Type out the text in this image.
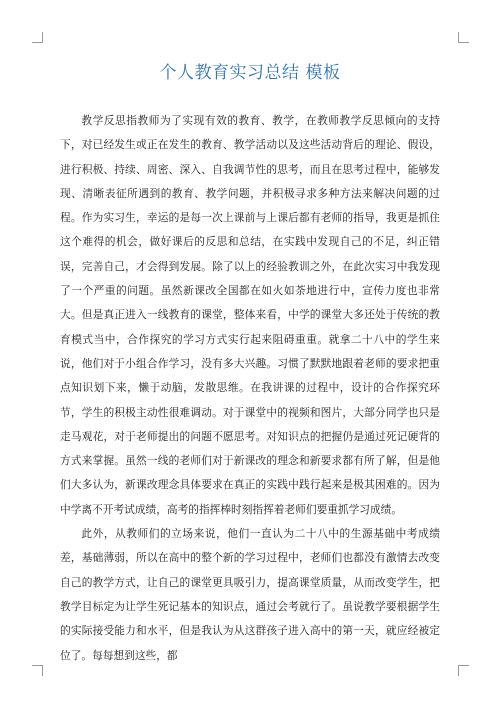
个人教育实习总结 模板

教学反思指教师为了实现有效的教育、教学，在教师教学反思倾向的支持下，对已经发生或正在发生的教育、教学活动以及这些活动背后的理论、假设，进行积极、持续、周密、深入、自我调节性的思考，而且在思考过程中，能够发现、清晰表征所遇到的教育、教学问题，并积极寻求多种方法来解决问题的过程。作为实习生，幸运的是每一次上课前与上课后都有老师的指导，我更是抓住这个难得的机会，做好课后的反思和总结，在实践中发现自己的不足，纠正错误，完善自己，才会得到发展。除了以上的经验教训之外，在此次实习中我发现了一个严重的问题。虽然新课改全国都在如火如荼地进行中，宣传力度也非常大。但是真正进入一线教育的课堂，整体来看，中学的课堂大多还处于传统的教育模式当中，合作探究的学习方式实行起来阻碍重重。就拿二十八中的学生来说，他们对于小组合作学习，没有多大兴趣。习惯了默默地跟着老师的要求把重点知识划下来，懒于动脑，发散思维。在我讲课的过程中，设计的合作探究环节，学生的积极主动性很难调动。对于课堂中的视频和图片，大部分同学也只是走马观花，对于老师提出的问题不愿思考。对知识点的把握仍是通过死记硬背的方式来掌握。虽然一线的老师们对于新课改的理念和新要求都有所了解，但是他们大多认为，新课改理念具体要求在真正的实践中践行起来是极其困难的。因为中学离不开考试成绩，高考的指挥棒时刻指挥着老师们要重抓学习成绩。

此外，从教师们的立场来说，他们一直认为二十八中的生源基础中考成绩差，基础薄弱，所以在高中的整个新的学习过程中，老师们也都没有激情去改变自己的教学方式，让自己的课堂更具吸引力，提高课堂质量，从而改变学生，把教学目标定为让学生死记基本的知识点，通过会考就行了。虽说教学要根据学生的实际接受能力和水平，但是我认为从这群孩子进入高中的第一天，就应经被定位了。每每想到这些，都
